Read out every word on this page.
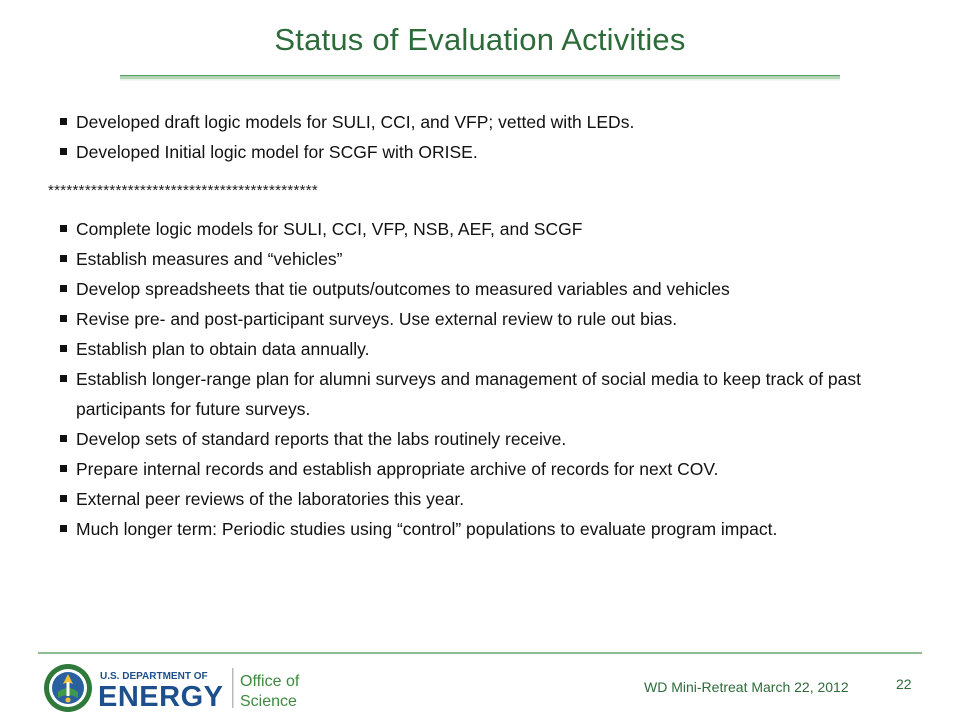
Status of Evaluation Activities
Developed draft logic models for SULI, CCI, and VFP; vetted with LEDs.
Developed Initial logic model for SCGF with ORISE.
********************************************
Complete logic models for SULI, CCI, VFP, NSB, AEF, and SCGF
Establish measures and “vehicles”
Develop spreadsheets that tie outputs/outcomes to measured variables and vehicles
Revise pre- and post-participant surveys. Use external review to rule out bias.
Establish plan to obtain data annually.
Establish longer-range plan for alumni surveys and management of social media to keep track of past participants for future surveys.
Develop sets of standard reports that the labs routinely receive.
Prepare internal records and establish appropriate archive of records for next COV.
External peer reviews of the laboratories this year.
Much longer term: Periodic studies using “control” populations to evaluate program impact.
U.S. DEPARTMENT OF
ENERGY Office of
Science
WD Mini-Retreat March 22, 2012	22
